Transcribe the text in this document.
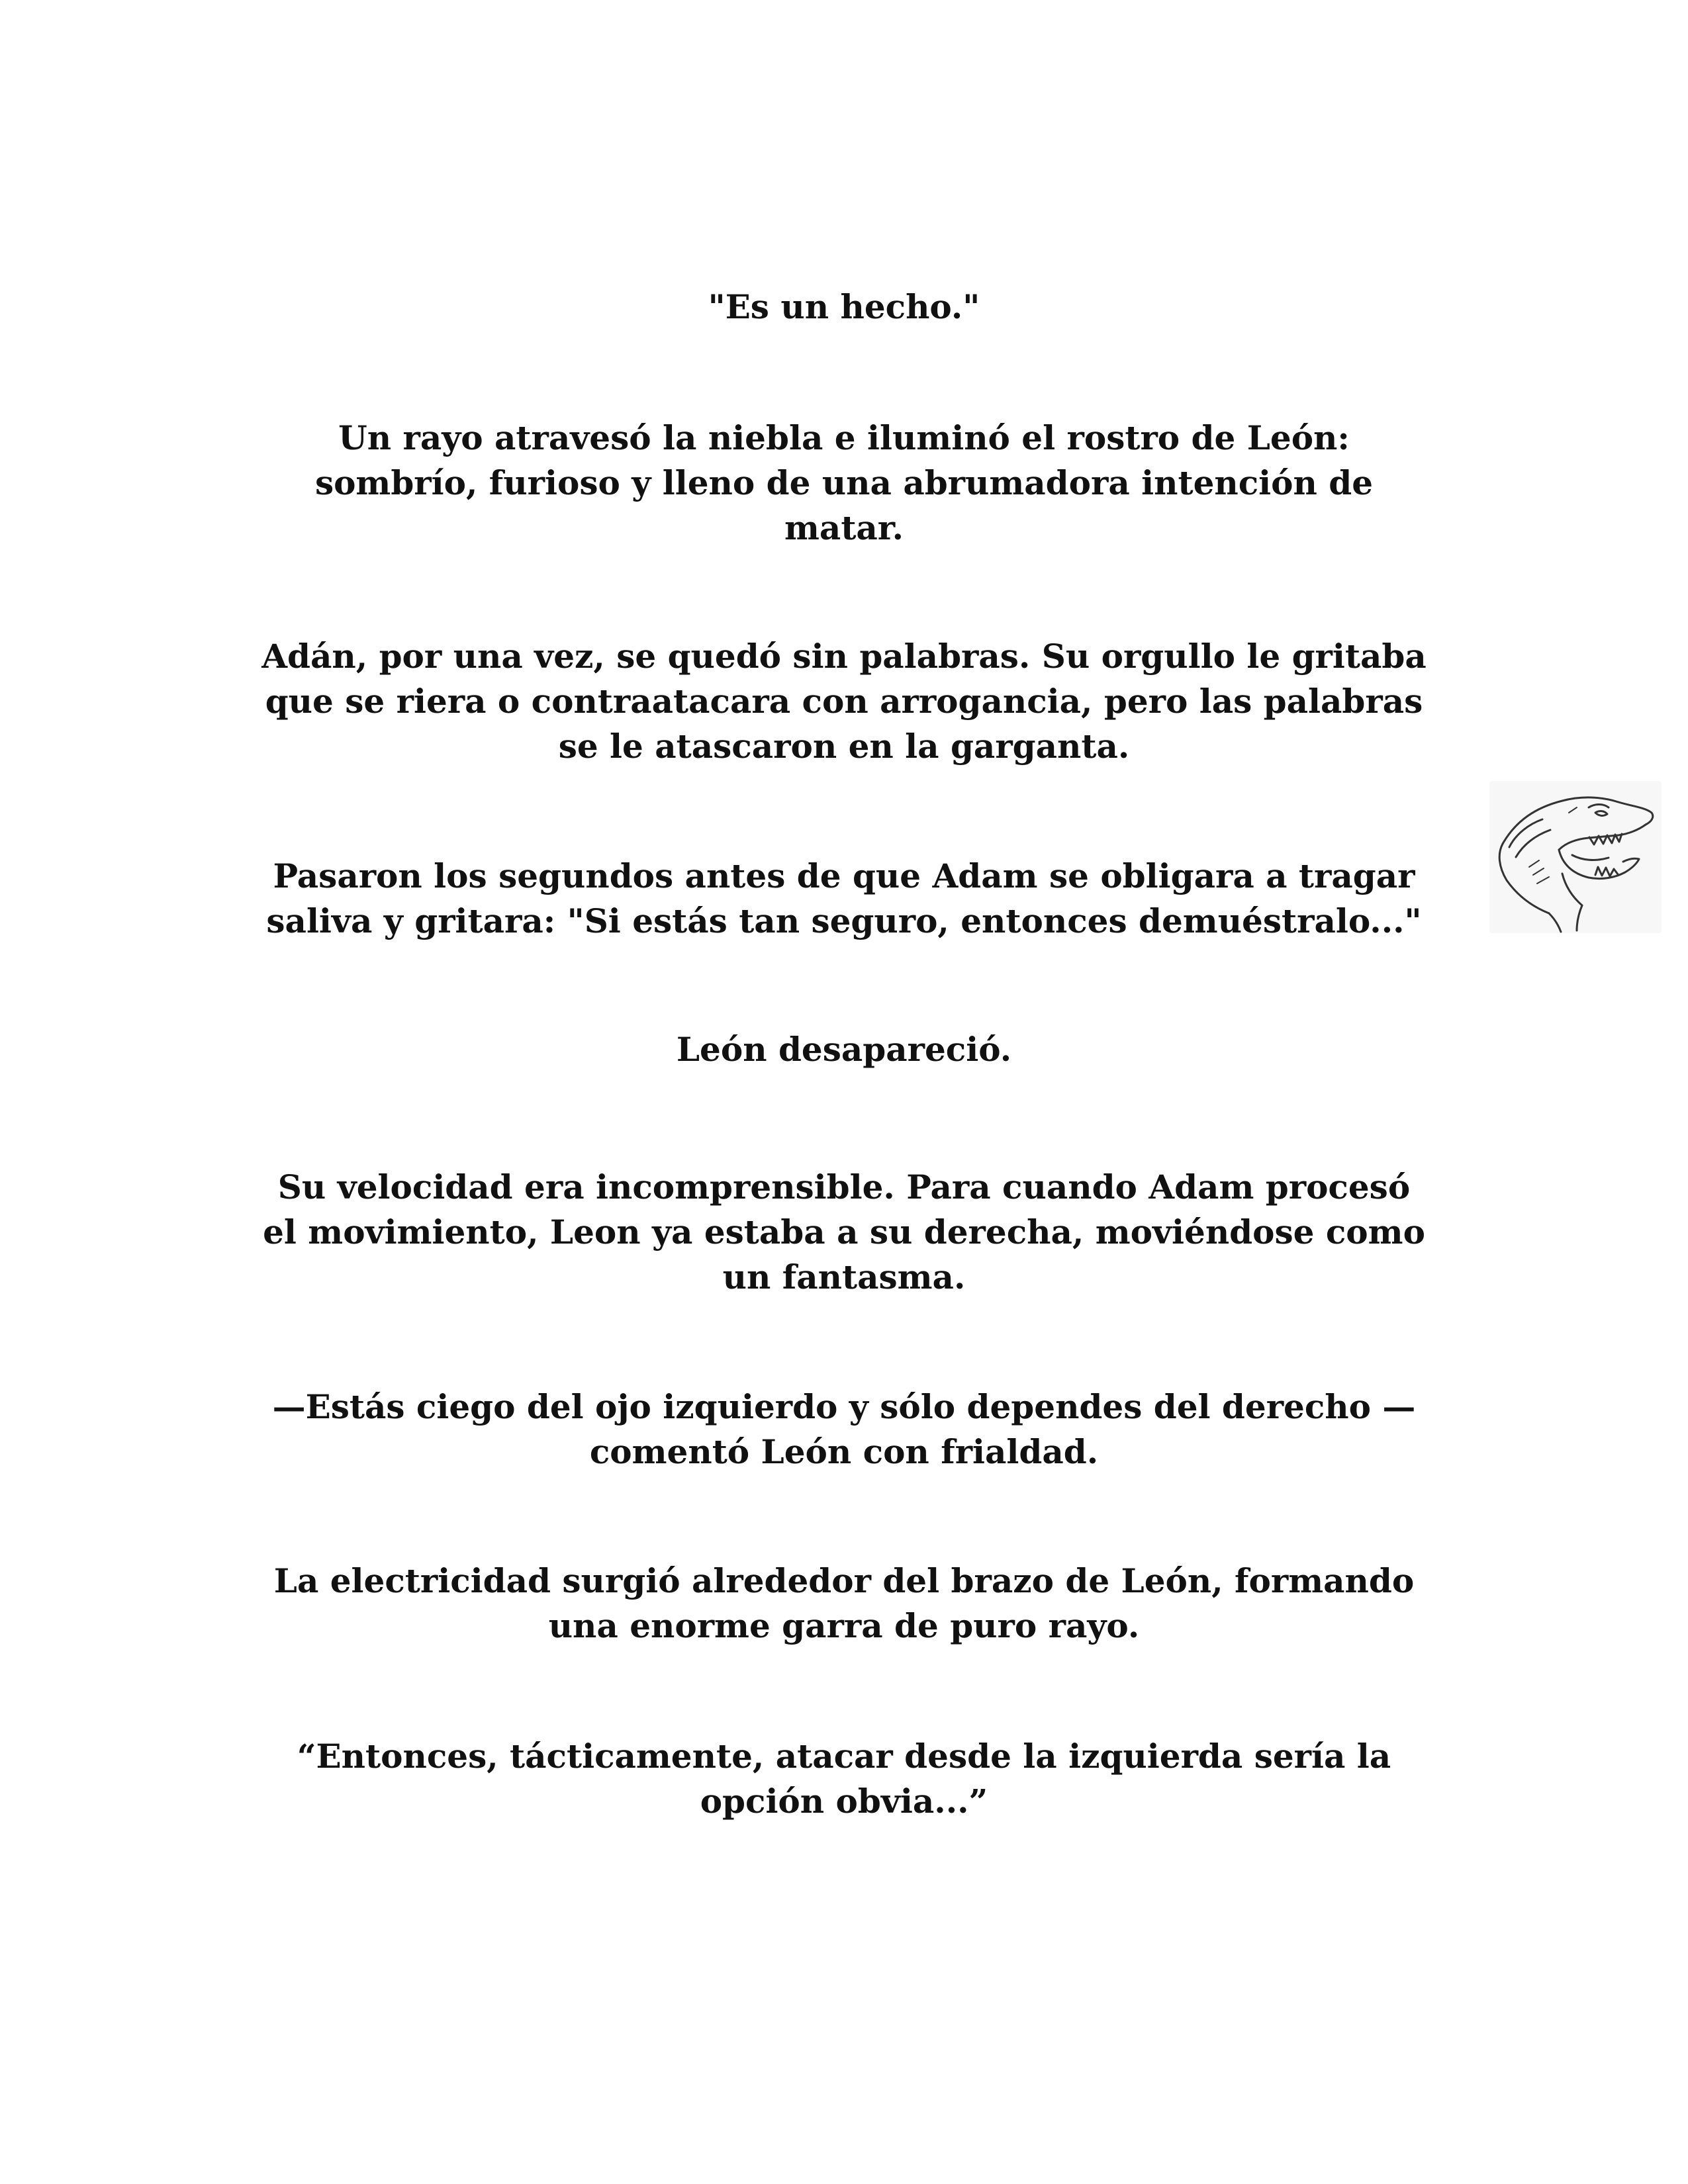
"Es un hecho."

Un rayo atravesó la niebla e iluminó el rostro de León:
sombrío, furioso y lleno de una abrumadora intención de
matar.

Adán, por una vez, se quedó sin palabras. Su orgullo le gritaba
que se riera o contraatacara con arrogancia, pero las palabras
se le atascaron en la garganta.

Pasaron los segundos antes de que Adam se obligara a tragar
saliva y gritara: "Si estás tan seguro, entonces demuéstralo..."

León desapareció.

Su velocidad era incomprensible. Para cuando Adam procesó
el movimiento, Leon ya estaba a su derecha, moviéndose como
un fantasma.

—Estás ciego del ojo izquierdo y sólo dependes del derecho —
comentó León con frialdad.

La electricidad surgió alrededor del brazo de León, formando
una enorme garra de puro rayo.

“Entonces, tácticamente, atacar desde la izquierda sería la
opción obvia...”
